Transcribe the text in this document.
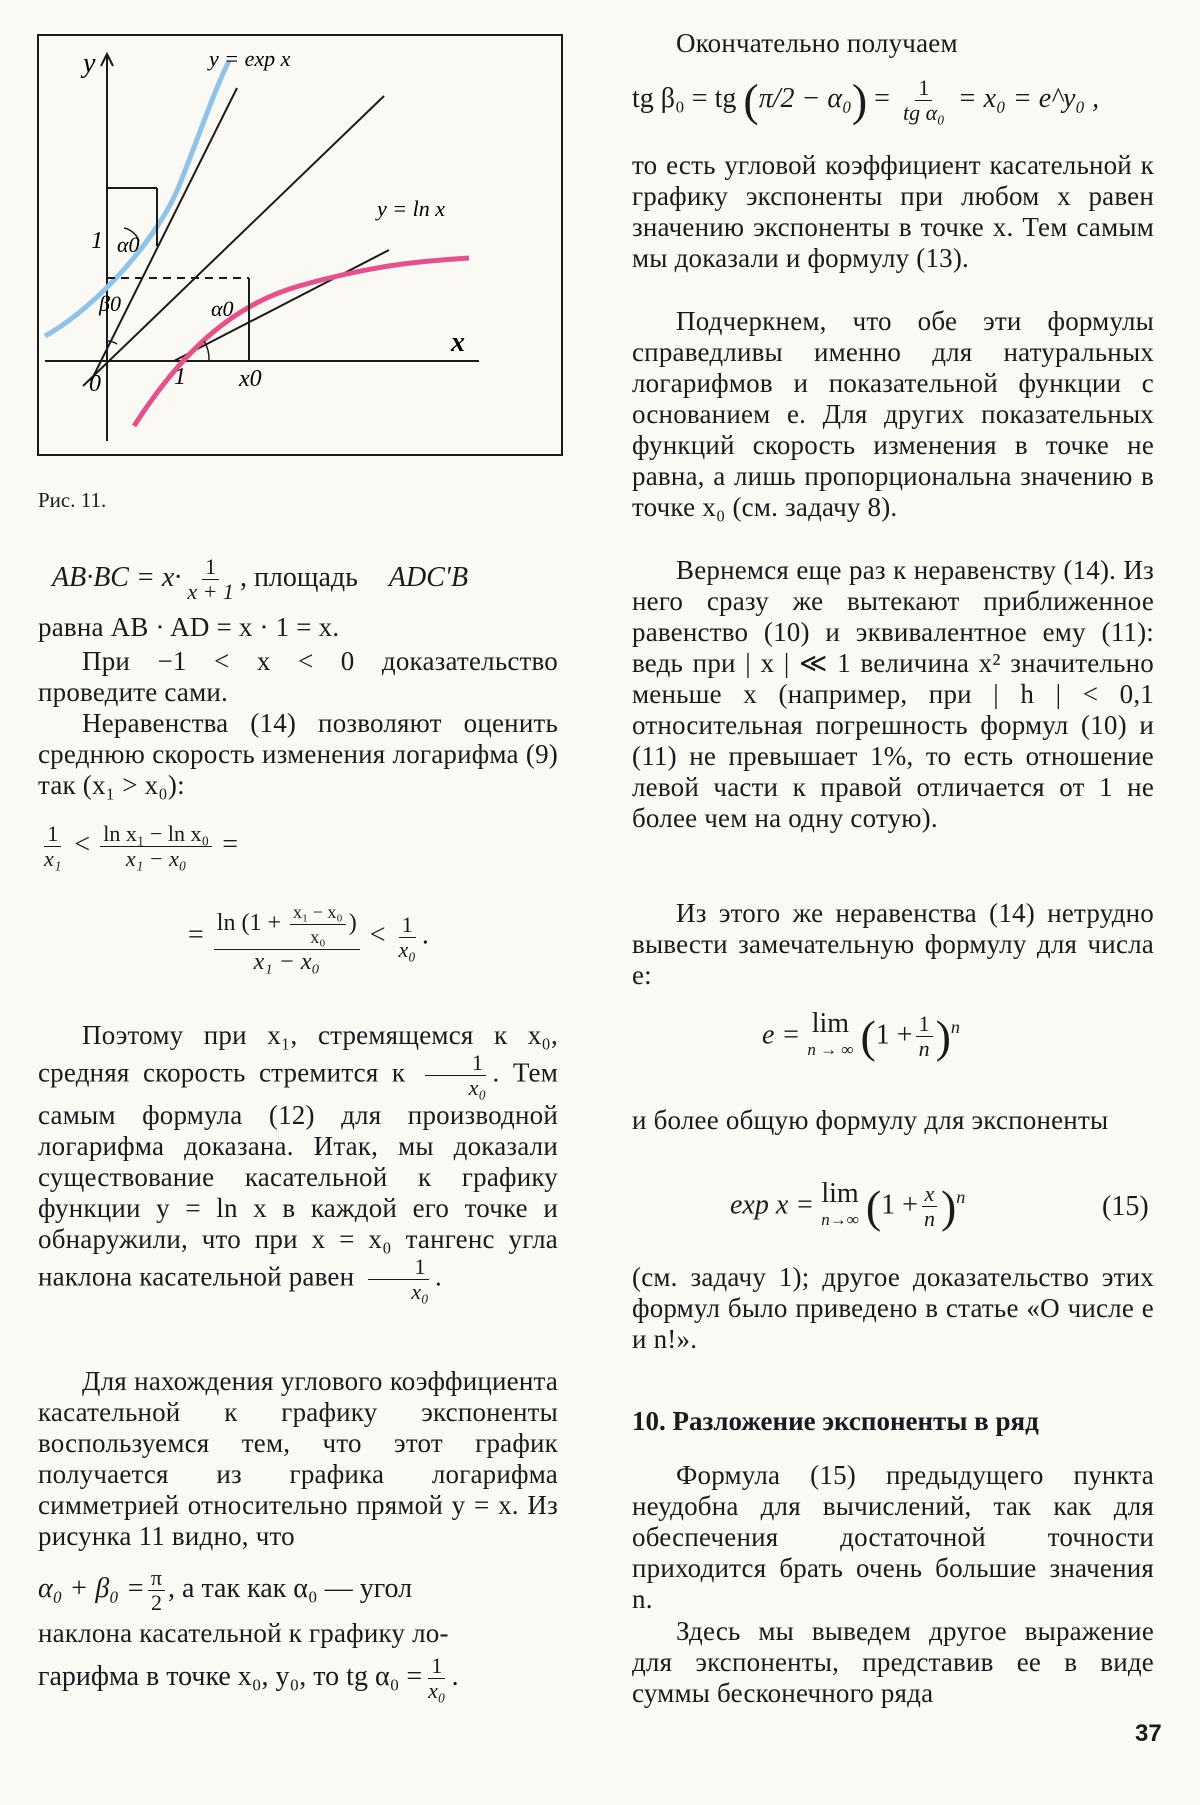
y
x
y = exp x
y = ln x
1 α0
β0	α0
0	1 x0
Рис. 11.
$AB\cdot BC = x\cdot \frac{1}{x + 1}$ , площадь ADC′B

равна AB · AD = x · 1 = x.

При −1 < x < 0 доказательство проведите сами.

Неравенства (14) позволяют оценить среднюю скорость изменения логарифма (9) так (x₁ > x₀):

$\frac{1}{\text{x₁}} < \frac{\text{ln x₁ − ln x₀}}{\text{x₁ − x₀}}$ =
= $\frac{\ln (1 + \frac{\text{x₁ − x₀}}{\text{x₀}} )}{\text{x₁ − x₀}} < \frac{1}{\text{x₀}}$ .

Поэтому при x₁, стремящемся к x₀, средняя скорость стремится к $\frac{1}{\text{x₀}}$ . Тем самым формула (12) для производной логарифма доказана. Итак, мы доказали существование касательной к графику функции y = ln x в каждой его точке и обнаружили, что при x = x₀ тангенс угла наклона касательной равен $\frac{1}{\text{x₀}}$ .

Для нахождения углового коэффициента касательной к графику экспоненты воспользуемся тем, что этот график получается из графика логарифма симметрией относительно прямой y = x. Из рисунка 11 видно, что

$\alpha_0 + \beta_0 = \frac{\pi}{2}$ , а так как α₀ — угол

наклона касательной к графику ло-

гарифма в точке x₀, y₀, то tg $\alpha_0 = \frac{1}{\text{x₀}}$ .

Окончательно получаем

tg β₀ = tg $(\pi/2 - \alpha_0) = \frac{1}{\text{tg α₀}} = x_0$ = e^y₀ ,

то есть угловой коэффициент касательной к графику экспоненты при любом x равен значению экспоненты в точке x. Тем самым мы доказали и формулу (13).

Подчеркнем, что обе эти формулы справедливы именно для натуральных логарифмов и показательной функции с основанием e. Для других показательных функций скорость изменения в точке не равна, а лишь пропорциональна значению в точке x₀ (см. задачу 8).

Вернемся еще раз к неравенству (14). Из него сразу же вытекают приближенное равенство (10) и эквивалентное ему (11): ведь при | x | ≪ 1 величина x² значительно меньше x (например, при | h | < 0,1 относительная погрешность формул (10) и (11) не превышает 1%, то есть отношение левой части к правой отличается от 1 не более чем на одну сотую).

Из этого же неравенства (14) нетрудно вывести замечательную формулу для числа e:

e = lim
n → ∞ $(1 + \frac{1}{n} )^n$

и более общую формулу для экспоненты

exp x = lim
n→∞ $(1 + \frac{x}{n} )^n$	(15)

(см. задачу 1); другое доказательство этих формул было приведено в статье «О числе e и n!».

10. Разложение экспоненты в ряд

Формула (15) предыдущего пункта неудобна для вычислений, так как для обеспечения достаточной точности приходится брать очень большие значения n.

Здесь мы выведем другое выражение для экспоненты, представив ее в виде суммы бесконечного ряда

37
